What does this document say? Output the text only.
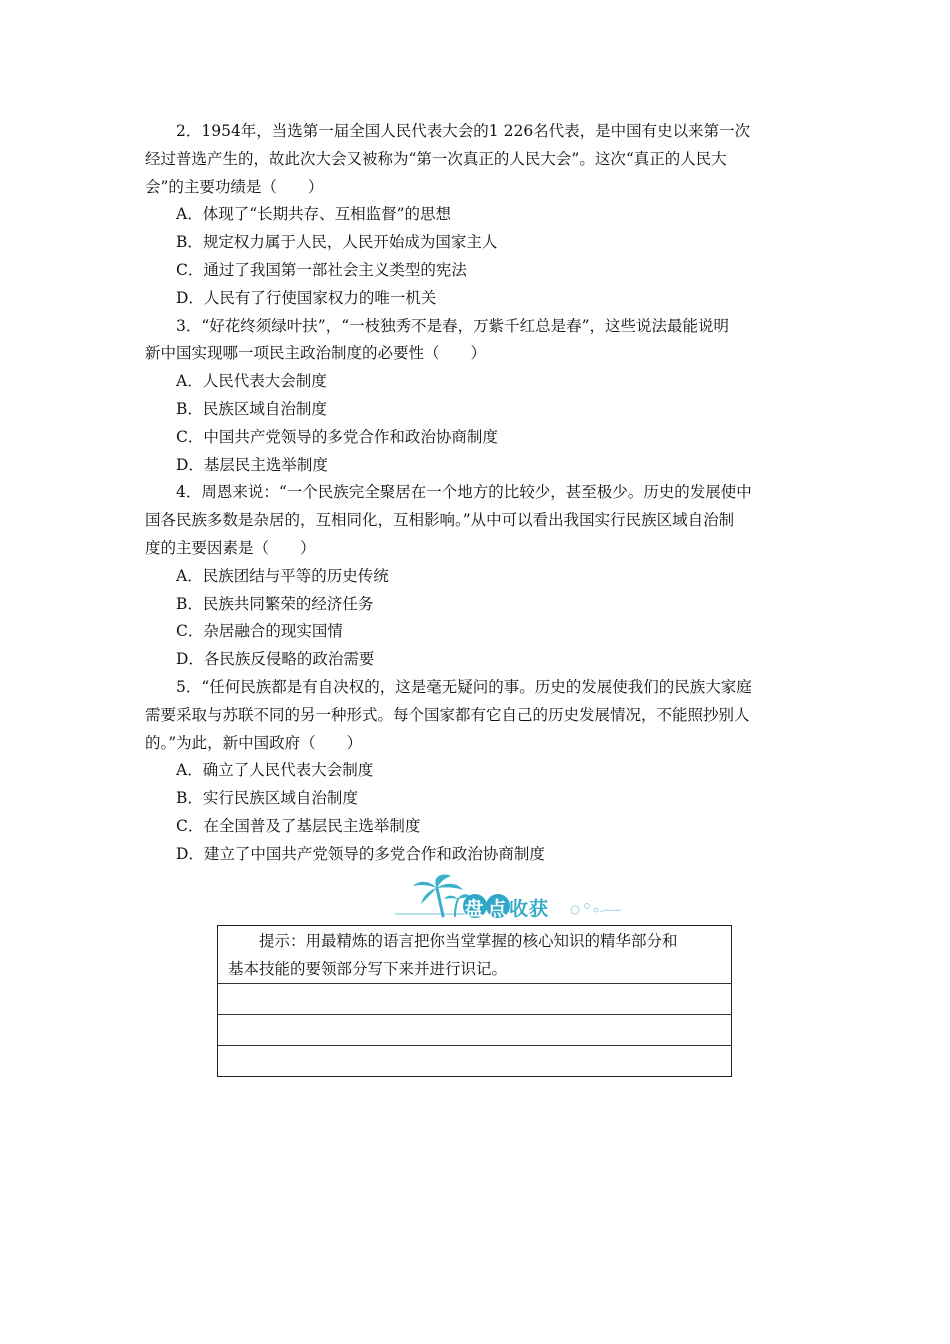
2．1954年，当选第一届全国人民代表大会的1 226名代表，是中国有史以来第一次
经过普选产生的，故此次大会又被称为“第一次真正的人民大会”。这次“真正的人民大
会”的主要功绩是（　　）
A．体现了“长期共存、互相监督”的思想
B．规定权力属于人民，人民开始成为国家主人
C．通过了我国第一部社会主义类型的宪法
D．人民有了行使国家权力的唯一机关
3．“好花终须绿叶扶”，“一枝独秀不是春，万紫千红总是春”，这些说法最能说明
新中国实现哪一项民主政治制度的必要性（　　）
A．人民代表大会制度
B．民族区域自治制度
C．中国共产党领导的多党合作和政治协商制度
D．基层民主选举制度
4．周恩来说：“一个民族完全聚居在一个地方的比较少，甚至极少。历史的发展使中
国各民族多数是杂居的，互相同化，互相影响。”从中可以看出我国实行民族区域自治制
度的主要因素是（　　）
A．民族团结与平等的历史传统
B．民族共同繁荣的经济任务
C．杂居融合的现实国情
D．各民族反侵略的政治需要
5．“任何民族都是有自决权的，这是毫无疑问的事。历史的发展使我们的民族大家庭
需要采取与苏联不同的另一种形式。每个国家都有它自己的历史发展情况，不能照抄别人
的。”为此，新中国政府（　　）
A．确立了人民代表大会制度
B．实行民族区域自治制度
C．在全国普及了基层民主选举制度
D．建立了中国共产党领导的多党合作和政治协商制度
盘 点收获
提示：用最精炼的语言把你当堂掌握的核心知识的精华部分和
基本技能的要领部分写下来并进行识记。
